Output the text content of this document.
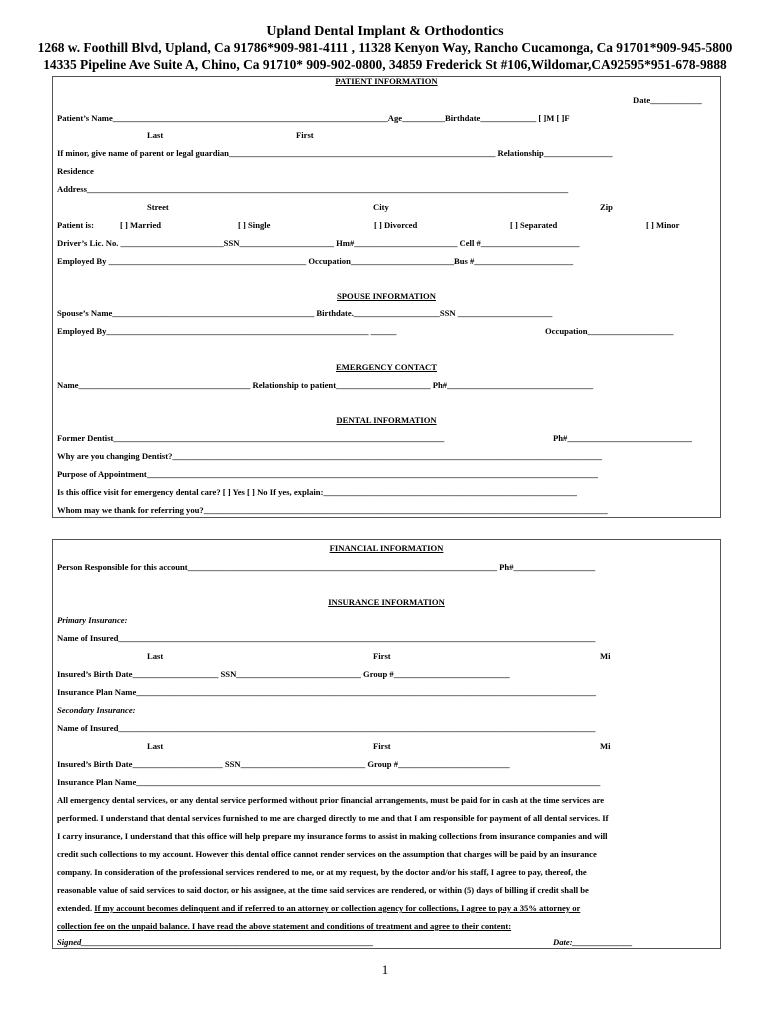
Upland Dental Implant & Orthodontics
1268 w. Foothill Blvd, Upland, Ca 91786*909-981-4111 , 11328 Kenyon Way, Rancho Cucamonga, Ca 91701*909-945-5800
14335 Pipeline Ave Suite A, Chino, Ca 91710* 909-902-0800, 34859 Frederick St #106,Wildomar,CA92595*951-678-9888
PATIENT INFORMATION
Date____________
Patient’s Name________________________________________________________________Age__________Birthdate_____________ [ ]M [ ]F
Last	First
If minor, give name of parent or legal guardian______________________________________________________________ Relationship________________
Residence
Address________________________________________________________________________________________________________________
Street	City	Zip
Patient is:	[ ] Married	[ ] Single	[ ] Divorced	[ ] Separated	[ ] Minor
Driver’s Lic. No. ________________________SSN______________________ Hm#________________________ Cell #_______________________
Employed By ______________________________________________ Occupation________________________Bus #_______________________
SPOUSE INFORMATION
Spouse’s Name_______________________________________________ Birthdate.____________________SSN ______________________
Employed By_____________________________________________________________ ______	Occupation____________________
EMERGENCY CONTACT
Name________________________________________ Relationship to patient______________________ Ph#__________________________________
DENTAL INFORMATION
Former Dentist_____________________________________________________________________________	Ph#_____________________________
Why are you changing Dentist?____________________________________________________________________________________________________
Purpose of Appointment_________________________________________________________________________________________________________
Is this office visit for emergency dental care? [ ] Yes [ ] No If yes, explain:___________________________________________________________
Whom may we thank for referring you?______________________________________________________________________________________________
FINANCIAL INFORMATION
Person Responsible for this account________________________________________________________________________ Ph#___________________
INSURANCE INFORMATION
Primary Insurance:
Name of Insured_______________________________________________________________________________________________________________
Last	First	Mi
Insured’s Birth Date____________________ SSN_____________________________ Group #___________________________
Insurance Plan Name___________________________________________________________________________________________________________
Secondary Insurance:
Name of Insured_______________________________________________________________________________________________________________
Last	First	Mi
Insured’s Birth Date_____________________ SSN_____________________________ Group #__________________________
Insurance Plan Name____________________________________________________________________________________________________________
All emergency dental services, or any dental service performed without prior financial arrangements, must be paid for in cash at the time services are
performed. I understand that dental services furnished to me are charged directly to me and that I am responsible for payment of all dental services. If
I carry insurance, I understand that this office will help prepare my insurance forms to assist in making collections from insurance companies and will
credit such collections to my account. However this dental office cannot render services on the assumption that charges will be paid by an insurance
company. In consideration of the professional services rendered to me, or at my request, by the doctor and/or his staff, I agree to pay, thereof, the
reasonable value of said services to said doctor, or his assignee, at the time said services are rendered, or within (5) days of billing if credit shall be
extended. If my account becomes delinquent and if referred to an attorney or collection agency for collections, I agree to pay a 35% attorney or
collection fee on the unpaid balance. I have read the above statement and conditions of treatment and agree to their content:
Signed____________________________________________________________________	Date:______________
1
